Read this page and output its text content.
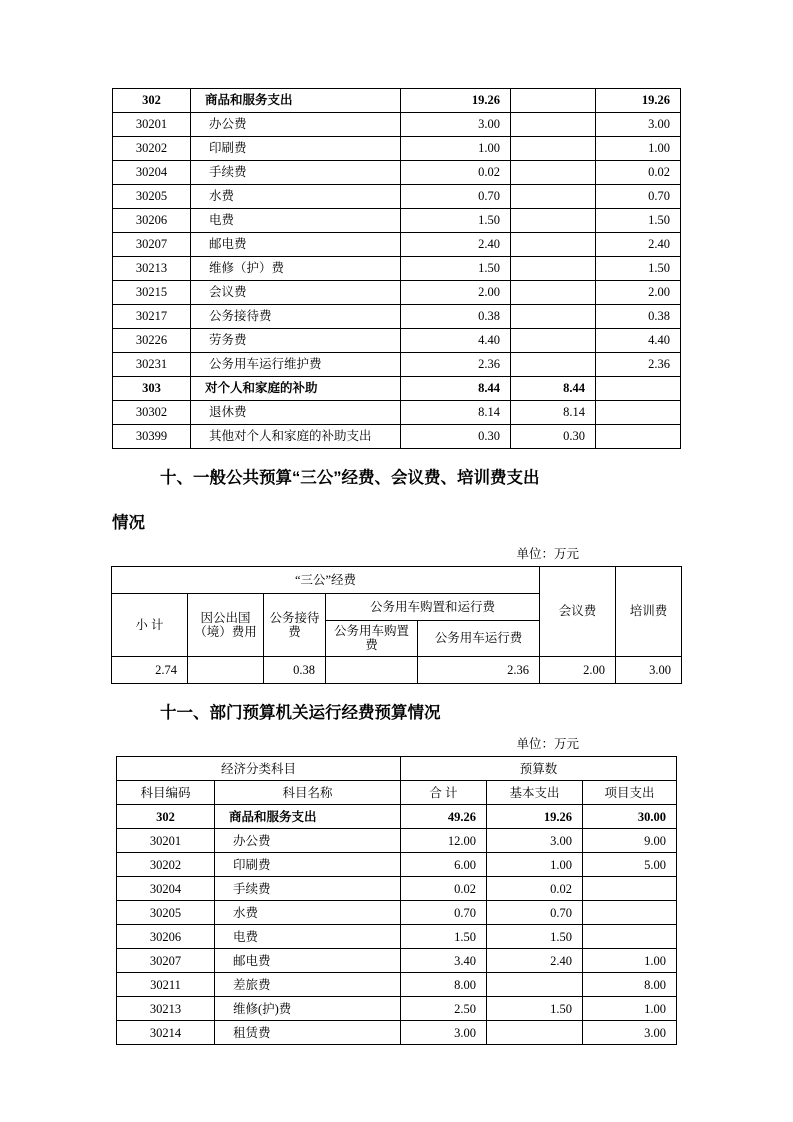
302	商品和服务支出	19.26		19.26
30201	办公费	3.00		3.00
30202	印刷费	1.00		1.00
30204	手续费	0.02		0.02
30205	水费	0.70		0.70
30206	电费	1.50		1.50
30207	邮电费	2.40		2.40
30213	维修（护）费	1.50		1.50
30215	会议费	2.00		2.00
30217	公务接待费	0.38		0.38
30226	劳务费	4.40		4.40
30231	公务用车运行维护费	2.36		2.36
303	对个人和家庭的补助	8.44	8.44	
30302	退休费	8.14	8.14	
30399	其他对个人和家庭的补助支出	0.30	0.30	
十、一般公共预算“三公”经费、会议费、培训费支出
情况
单位：万元
“三公”经费					会议费	培训费
小 计	因公出国（境）费用	公务接待费	公务用车购置和运行费			
			公务用车购置费	公务用车运行费		
2.74		0.38		2.36	2.00	3.00
十一、部门预算机关运行经费预算情况
单位：万元
经济分类科目		预算数		
科目编码	科目名称	合 计	基本支出	项目支出
302	商品和服务支出	49.26	19.26	30.00
30201	办公费	12.00	3.00	9.00
30202	印刷费	6.00	1.00	5.00
30204	手续费	0.02	0.02	
30205	水费	0.70	0.70	
30206	电费	1.50	1.50	
30207	邮电费	3.40	2.40	1.00
30211	差旅费	8.00		8.00
30213	维修(护)费	2.50	1.50	1.00
30214	租赁费	3.00		3.00
